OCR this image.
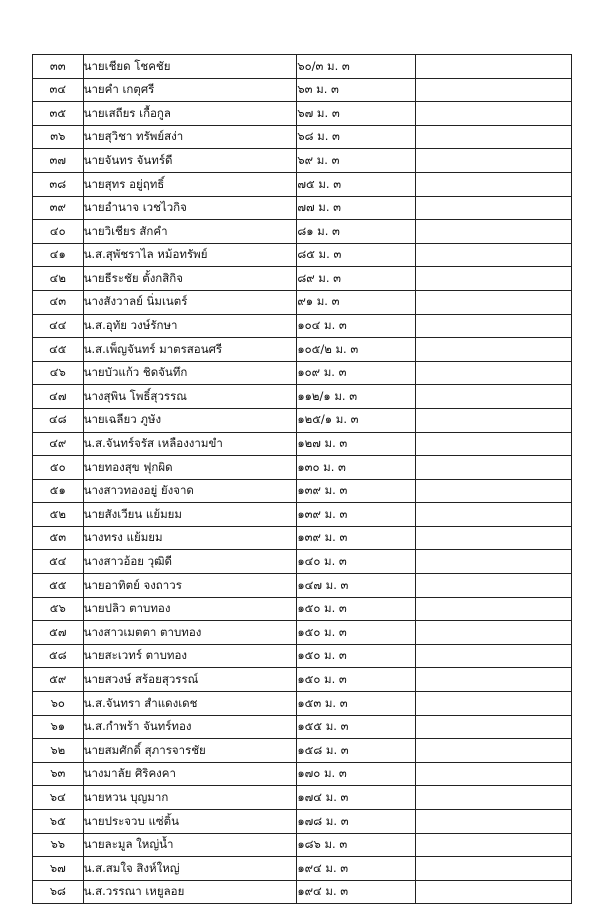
๓๓	นายเชียด โชคชัย	๖๐/๓ ม. ๓	
๓๔	นายคำ เกตุศรี	๖๓ ม. ๓	
๓๕	นายเสถียร เกื้อกูล	๖๗ ม. ๓	
๓๖	นายสุวิชา ทรัพย์สง่า	๖๘ ม. ๓	
๓๗	นายจันทร จันทร์ดี	๖๙ ม. ๓	
๓๘	นายสุทร อยู่ฤทธิ์	๗๕ ม. ๓	
๓๙	นายอำนาจ เวชไวกิจ	๗๗ ม. ๓	
๔๐	นายวิเชียร สักคำ	๘๑ ม. ๓	
๔๑	น.ส.สุพัชราไล หม้อทรัพย์	๘๕ ม. ๓	
๔๒	นายธีระชัย ตั้งกสิกิจ	๘๙ ม. ๓	
๔๓	นางสังวาลย์ นิ่มเนตร์	๙๑ ม. ๓	
๔๔	น.ส.อุทัย วงษ์รักษา	๑๐๔ ม. ๓	
๔๕	น.ส.เพ็ญจันทร์ มาตรสอนศรี	๑๐๕/๒ ม. ๓	
๔๖	นายบัวแก้ว ชิดจันทึก	๑๐๙ ม. ๓	
๔๗	นางสุพิน โพธิ์สุวรรณ	๑๑๒/๑ ม. ๓	
๔๘	นายเฉลียว ภูษัง	๑๒๕/๑ ม. ๓	
๔๙	น.ส.จันทร์จรัส เหลืองงามขำ	๑๒๗ ม. ๓	
๕๐	นายทองสุข ฟุกผิด	๑๓๐ ม. ๓	
๕๑	นางสาวทองอยู่ ยังจาด	๑๓๙ ม. ๓	
๕๒	นายสังเวียน แย้มยม	๑๓๙ ม. ๓	
๕๓	นางทรง แย้มยม	๑๓๙ ม. ๓	
๕๔	นางสาวอ้อย วุฒิดี	๑๔๐ ม. ๓	
๕๕	นายอาทิตย์ จงถาวร	๑๔๗ ม. ๓	
๕๖	นายปลิว ตาบทอง	๑๕๐ ม. ๓	
๕๗	นางสาวเมตตา ตาบทอง	๑๕๐ ม. ๓	
๕๘	นายสะเวทร์ ตาบทอง	๑๕๐ ม. ๓	
๕๙	นายสวงษ์ สร้อยสุวรรณ์	๑๕๐ ม. ๓	
๖๐	น.ส.จันทรา สำแดงเดช	๑๕๓ ม. ๓	
๖๑	น.ส.กำพร้า จันทร์ทอง	๑๕๕ ม. ๓	
๖๒	นายสมศักดิ์ สุภารจารชัย	๑๕๘ ม. ๓	
๖๓	นางมาลัย ศิริคงคา	๑๗๐ ม. ๓	
๖๔	นายหวน บุญมาก	๑๗๔ ม. ๓	
๖๕	นายประจวบ แซ่ติ้น	๑๗๘ ม. ๓	
๖๖	นายละมูล ใหญ่น้ำ	๑๘๖ ม. ๓	
๖๗	น.ส.สมใจ สิงห์ใหญ่	๑๙๔ ม. ๓	
๖๘	น.ส.วรรณา เหยูลอย	๑๙๔ ม. ๓	
